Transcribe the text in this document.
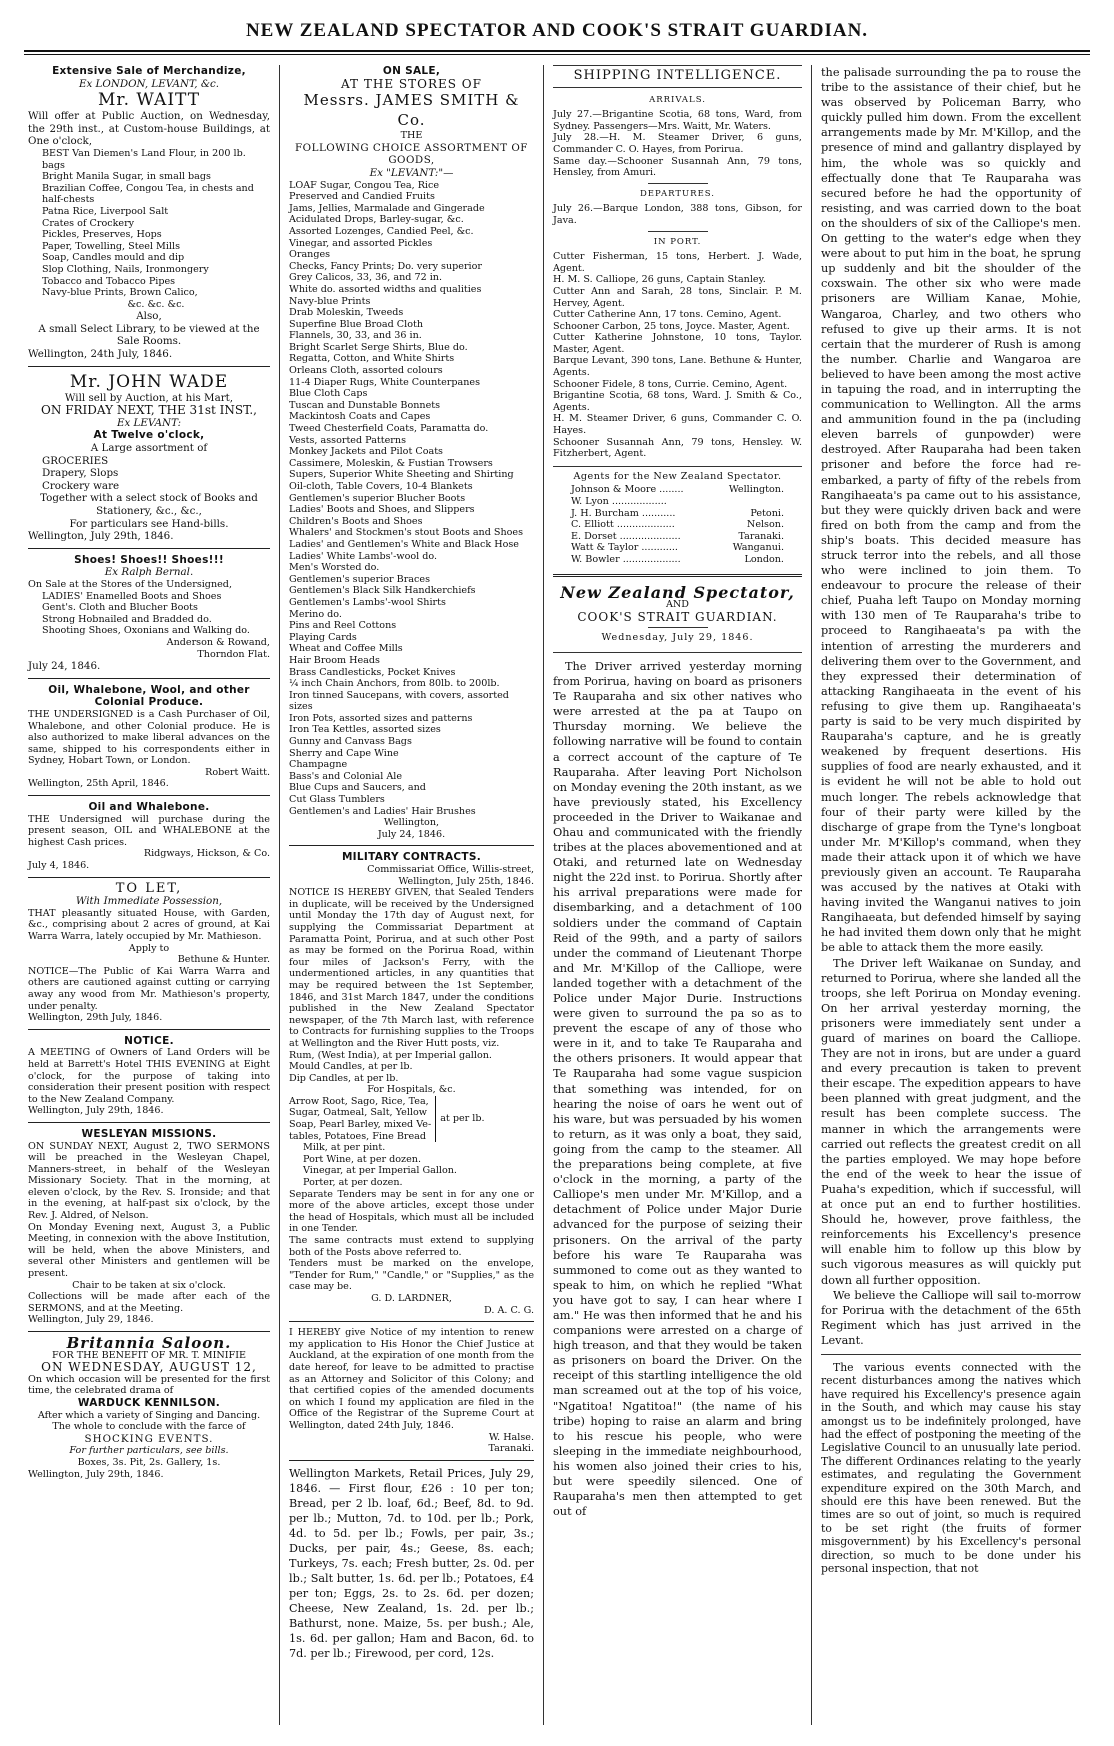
NEW ZEALAND SPECTATOR AND COOK'S STRAIT GUARDIAN.
Extensive Sale of Merchandize,
Ex LONDON, LEVANT, &c.
Mr. WAITT
Will offer at Public Auction, on Wednesday, the 29th inst., at Custom-house Buildings, at One o'clock,
BEST Van Diemen's Land Flour, in 200 lb. bags
Bright Manila Sugar, in small bags
Brazilian Coffee, Congou Tea, in chests and half-chests
Patna Rice, Liverpool Salt
Crates of Crockery
Pickles, Preserves, Hops
Paper, Towelling, Steel Mills
Soap, Candles mould and dip
Slop Clothing, Nails, Ironmongery
Tobacco and Tobacco Pipes
Navy-blue Prints, Brown Calico,
&c. &c. &c.
Also,
A small Select Library, to be viewed at the Sale Rooms.
Wellington, 24th July, 1846.
Mr. JOHN WADE
Will sell by Auction, at his Mart,
ON FRIDAY NEXT, THE 31st INST.,
Ex LEVANT:
At Twelve o'clock,
A Large assortment of
GROCERIES
Drapery, Slops
Crockery ware
Together with a select stock of Books and Stationery, &c., &c.,
For particulars see Hand-bills.
Wellington, July 29th, 1846.
Shoes! Shoes!! Shoes!!!
Ex Ralph Bernal.
On Sale at the Stores of the Undersigned,
LADIES' Enamelled Boots and Shoes
Gent's. Cloth and Blucher Boots
Strong Hobnailed and Bradded do.
Shooting Shoes, Oxonians and Walking do.
Anderson & Rowand,
Thorndon Flat.
July 24, 1846.
Oil, Whalebone, Wool, and other Colonial Produce.
THE UNDERSIGNED is a Cash Purchaser of Oil, Whalebone, and other Colonial produce. He is also authorized to make liberal advances on the same, shipped to his correspondents either in Sydney, Hobart Town, or London.
Robert Waitt.
Wellington, 25th April, 1846.
Oil and Whalebone.
THE Undersigned will purchase during the present season, OIL and WHALEBONE at the highest Cash prices.
Ridgways, Hickson, & Co.
July 4, 1846.
TO LET,
With Immediate Possession,
THAT pleasantly situated House, with Garden, &c., comprising about 2 acres of ground, at Kai Warra Warra, lately occupied by Mr. Mathieson.
Apply to
Bethune & Hunter.
NOTICE—The Public of Kai Warra Warra and others are cautioned against cutting or carrying away any wood from Mr. Mathieson's property, under penalty.
Wellington, 29th July, 1846.
NOTICE.
A MEETING of Owners of Land Orders will be held at Barrett's Hotel THIS EVENING at Eight o'clock, for the purpose of taking into consideration their present position with respect to the New Zealand Company.
Wellington, July 29th, 1846.
WESLEYAN MISSIONS.
ON SUNDAY NEXT, August 2, TWO SERMONS will be preached in the Wesleyan Chapel, Manners-street, in behalf of the Wesleyan Missionary Society. That in the morning, at eleven o'clock, by the Rev. S. Ironside; and that in the evening, at half-past six o'clock, by the Rev. J. Aldred, of Nelson.
On Monday Evening next, August 3, a Public Meeting, in connexion with the above Institution, will be held, when the above Ministers, and several other Ministers and gentlemen will be present.
Chair to be taken at six o'clock.
Collections will be made after each of the SERMONS, and at the Meeting.
Wellington, July 29, 1846.
Britannia Saloon.
FOR THE BENEFIT OF MR. T. MINIFIE
ON WEDNESDAY, AUGUST 12,
On which occasion will be presented for the first time, the celebrated drama of
WARDUCK KENNILSON.
After which a variety of Singing and Dancing.
The whole to conclude with the farce of
SHOCKING EVENTS.
For further particulars, see bills.
Boxes, 3s. Pit, 2s. Gallery, 1s.
Wellington, July 29th, 1846.
ON SALE,
AT THE STORES OF
Messrs. JAMES SMITH & Co.
THE
FOLLOWING CHOICE ASSORTMENT OF GOODS,
Ex "LEVANT:"—
LOAF Sugar, Congou Tea, Rice
Preserved and Candied Fruits
Jams, Jellies, Marmalade and Gingerade
Acidulated Drops, Barley-sugar, &c.
Assorted Lozenges, Candied Peel, &c.
Vinegar, and assorted Pickles
Oranges
Checks, Fancy Prints; Do. very superior
Grey Calicos, 33, 36, and 72 in.
White do. assorted widths and qualities
Navy-blue Prints
Drab Moleskin, Tweeds
Superfine Blue Broad Cloth
Flannels, 30, 33, and 36 in.
Bright Scarlet Serge Shirts, Blue do.
Regatta, Cotton, and White Shirts
Orleans Cloth, assorted colours
11-4 Diaper Rugs, White Counterpanes
Blue Cloth Caps
Tuscan and Dunstable Bonnets
Mackintosh Coats and Capes
Tweed Chesterfield Coats, Paramatta do.
Vests, assorted Patterns
Monkey Jackets and Pilot Coats
Cassimere, Moleskin, & Fustian Trowsers
Supers, Superior White Sheeting and Shirting
Oil-cloth, Table Covers, 10-4 Blankets
Gentlemen's superior Blucher Boots
Ladies' Boots and Shoes, and Slippers
Children's Boots and Shoes
Whalers' and Stockmen's stout Boots and Shoes
Ladies' and Gentlemen's White and Black Hose
Ladies' White Lambs'-wool do.
Men's Worsted do.
Gentlemen's superior Braces
Gentlemen's Black Silk Handkerchiefs
Gentlemen's Lambs'-wool Shirts
Merino do.
Pins and Reel Cottons
Playing Cards
Wheat and Coffee Mills
Hair Broom Heads
Brass Candlesticks, Pocket Knives
¼ inch Chain Anchors, from 80lb. to 200lb.
Iron tinned Saucepans, with covers, assorted sizes
Iron Pots, assorted sizes and patterns
Iron Tea Kettles, assorted sizes
Gunny and Canvass Bags
Sherry and Cape Wine
Champagne
Bass's and Colonial Ale
Blue Cups and Saucers, and
Cut Glass Tumblers
Gentlemen's and Ladies' Hair Brushes
Wellington,
July 24, 1846.
MILITARY CONTRACTS.
Commissariat Office, Willis-street,
Wellington, July 25th, 1846.
NOTICE IS HEREBY GIVEN, that Sealed Tenders in duplicate, will be received by the Undersigned until Monday the 17th day of August next, for supplying the Commissariat Department at Paramatta Point, Porirua, and at such other Post as may be formed on the Porirua Road, within four miles of Jackson's Ferry, with the undermentioned articles, in any quantities that may be required between the 1st September, 1846, and 31st March 1847, under the conditions published in the New Zealand Spectator newspaper, of the 7th March last, with reference to Contracts for furnishing supplies to the Troops at Wellington and the River Hutt posts, viz.
Rum, (West India), at per Imperial gallon.
Mould Candles, at per lb.
Dip Candles, at per lb.
For Hospitals, &c.
Arrow Root, Sago, Rice, Tea,
Sugar, Oatmeal, Salt, Yellow
Soap, Pearl Barley, mixed Ve-
tables, Potatoes, Fine Bread
at per lb.
Milk, at per pint.
Port Wine, at per dozen.
Vinegar, at per Imperial Gallon.
Porter, at per dozen.
Separate Tenders may be sent in for any one or more of the above articles, except those under the head of Hospitals, which must all be included in one Tender.
The same contracts must extend to supplying both of the Posts above referred to.
Tenders must be marked on the envelope, "Tender for Rum," "Candle," or "Supplies," as the case may be.
G. D. LARDNER,
D. A. C. G.
I HEREBY give Notice of my intention to renew my application to His Honor the Chief Justice at Auckland, at the expiration of one month from the date hereof, for leave to be admitted to practise as an Attorney and Solicitor of this Colony; and that certified copies of the amended documents on which I found my application are filed in the Office of the Registrar of the Supreme Court at Wellington, dated 24th July, 1846.
W. Halse.
Taranaki.
Wellington Markets, Retail Prices, July 29, 1846. — First flour, £26 : 10 per ton; Bread, per 2 lb. loaf, 6d.; Beef, 8d. to 9d. per lb.; Mutton, 7d. to 10d. per lb.; Pork, 4d. to 5d. per lb.; Fowls, per pair, 3s.; Ducks, per pair, 4s.; Geese, 8s. each; Turkeys, 7s. each; Fresh butter, 2s. 0d. per lb.; Salt butter, 1s. 6d. per lb.; Potatoes, £4 per ton; Eggs, 2s. to 2s. 6d. per dozen; Cheese, New Zealand, 1s. 2d. per lb.; Bathurst, none. Maize, 5s. per bush.; Ale, 1s. 6d. per gallon; Ham and Bacon, 6d. to 7d. per lb.; Firewood, per cord, 12s.
SHIPPING INTELLIGENCE.
ARRIVALS.
July 27.—Brigantine Scotia, 68 tons, Ward, from Sydney. Passengers—Mrs. Waitt, Mr. Waters.
July 28.—H. M. Steamer Driver, 6 guns, Commander C. O. Hayes, from Porirua.
Same day.—Schooner Susannah Ann, 79 tons, Hensley, from Amuri.
DEPARTURES.
July 26.—Barque London, 388 tons, Gibson, for Java.
IN PORT.
Cutter Fisherman, 15 tons, Herbert. J. Wade, Agent.
H. M. S. Calliope, 26 guns, Captain Stanley.
Cutter Ann and Sarah, 28 tons, Sinclair. P. M. Hervey, Agent.
Cutter Catherine Ann, 17 tons. Cemino, Agent.
Schooner Carbon, 25 tons, Joyce. Master, Agent.
Cutter Katherine Johnstone, 10 tons, Taylor. Master, Agent.
Barque Levant, 390 tons, Lane. Bethune & Hunter, Agents.
Schooner Fidele, 8 tons, Currie. Cemino, Agent.
Brigantine Scotia, 68 tons, Ward. J. Smith & Co., Agents.
H. M. Steamer Driver, 6 guns, Commander C. O. Hayes.
Schooner Susannah Ann, 79 tons, Hensley. W. Fitzherbert, Agent.
Agents for the New Zealand Spectator.
Johnson & Moore ........	Wellington.
W. Lyon ..................
J. H. Burcham ...........	Petoni.
C. Elliott ...................	Nelson.
E. Dorset ....................	Taranaki.
Watt & Taylor ............	Wanganui.
W. Bowler ...................	London.
New Zealand Spectator,
AND
COOK'S STRAIT GUARDIAN.
Wednesday, July 29, 1846.

The Driver arrived yesterday morning from Porirua, having on board as prisoners Te Rauparaha and six other natives who were arrested at the pa at Taupo on Thursday morning. We believe the following narrative will be found to contain a correct account of the capture of Te Rauparaha. After leaving Port Nicholson on Monday evening the 20th instant, as we have previously stated, his Excellency proceeded in the Driver to Waikanae and Ohau and communicated with the friendly tribes at the places abovementioned and at Otaki, and returned late on Wednesday night the 22d inst. to Porirua. Shortly after his arrival preparations were made for disembarking, and a detachment of 100 soldiers under the command of Captain Reid of the 99th, and a party of sailors under the command of Lieutenant Thorpe and Mr. M'Killop of the Calliope, were landed together with a detachment of the Police under Major Durie. Instructions were given to surround the pa so as to prevent the escape of any of those who were in it, and to take Te Rauparaha and the others prisoners. It would appear that Te Rauparaha had some vague suspicion that something was intended, for on hearing the noise of oars he went out of his ware, but was persuaded by his women to return, as it was only a boat, they said, going from the camp to the steamer. All the preparations being complete, at five o'clock in the morning, a party of the Calliope's men under Mr. M'Killop, and a detachment of Police under Major Durie advanced for the purpose of seizing their prisoners. On the arrival of the party before his ware Te Rauparaha was summoned to come out as they wanted to speak to him, on which he replied "What you have got to say, I can hear where I am." He was then informed that he and his companions were arrested on a charge of high treason, and that they would be taken as prisoners on board the Driver. On the receipt of this startling intelligence the old man screamed out at the top of his voice, "Ngatitoa! Ngatitoa!" (the name of his tribe) hoping to raise an alarm and bring to his rescue his people, who were sleeping in the immediate neighbourhood, his women also joined their cries to his, but were speedily silenced. One of Rauparaha's men then attempted to get out of

the palisade surrounding the pa to rouse the tribe to the assistance of their chief, but he was observed by Policeman Barry, who quickly pulled him down. From the excellent arrangements made by Mr. M'Killop, and the presence of mind and gallantry displayed by him, the whole was so quickly and effectually done that Te Rauparaha was secured before he had the opportunity of resisting, and was carried down to the boat on the shoulders of six of the Calliope's men. On getting to the water's edge when they were about to put him in the boat, he sprung up suddenly and bit the shoulder of the coxswain. The other six who were made prisoners are William Kanae, Mohie, Wangaroa, Charley, and two others who refused to give up their arms. It is not certain that the murderer of Rush is among the number. Charlie and Wangaroa are believed to have been among the most active in tapuing the road, and in interrupting the communication to Wellington. All the arms and ammunition found in the pa (including eleven barrels of gunpowder) were destroyed. After Rauparaha had been taken prisoner and before the force had re-embarked, a party of fifty of the rebels from Rangihaeata's pa came out to his assistance, but they were quickly driven back and were fired on both from the camp and from the ship's boats. This decided measure has struck terror into the rebels, and all those who were inclined to join them. To endeavour to procure the release of their chief, Puaha left Taupo on Monday morning with 130 men of Te Rauparaha's tribe to proceed to Rangihaeata's pa with the intention of arresting the murderers and delivering them over to the Government, and they expressed their determination of attacking Rangihaeata in the event of his refusing to give them up. Rangihaeata's party is said to be very much dispirited by Rauparaha's capture, and he is greatly weakened by frequent desertions. His supplies of food are nearly exhausted, and it is evident he will not be able to hold out much longer. The rebels acknowledge that four of their party were killed by the discharge of grape from the Tyne's longboat under Mr. M'Killop's command, when they made their attack upon it of which we have previously given an account. Te Rauparaha was accused by the natives at Otaki with having invited the Wanganui natives to join Rangihaeata, but defended himself by saying he had invited them down only that he might be able to attack them the more easily.

The Driver left Waikanae on Sunday, and returned to Porirua, where she landed all the troops, she left Porirua on Monday evening. On her arrival yesterday morning, the prisoners were immediately sent under a guard of marines on board the Calliope. They are not in irons, but are under a guard and every precaution is taken to prevent their escape. The expedition appears to have been planned with great judgment, and the result has been complete success. The manner in which the arrangements were carried out reflects the greatest credit on all the parties employed. We may hope before the end of the week to hear the issue of Puaha's expedition, which if successful, will at once put an end to further hostilities. Should he, however, prove faithless, the reinforcements his Excellency's presence will enable him to follow up this blow by such vigorous measures as will quickly put down all further opposition.

We believe the Calliope will sail to-morrow for Porirua with the detachment of the 65th Regiment which has just arrived in the Levant.

The various events connected with the recent disturbances among the natives which have required his Excellency's presence again in the South, and which may cause his stay amongst us to be indefinitely prolonged, have had the effect of postponing the meeting of the Legislative Council to an unusually late period. The different Ordinances relating to the yearly estimates, and regulating the Government expenditure expired on the 30th March, and should ere this have been renewed. But the times are so out of joint, so much is required to be set right (the fruits of former misgovernment) by his Excellency's personal direction, so much to be done under his personal inspection, that not
